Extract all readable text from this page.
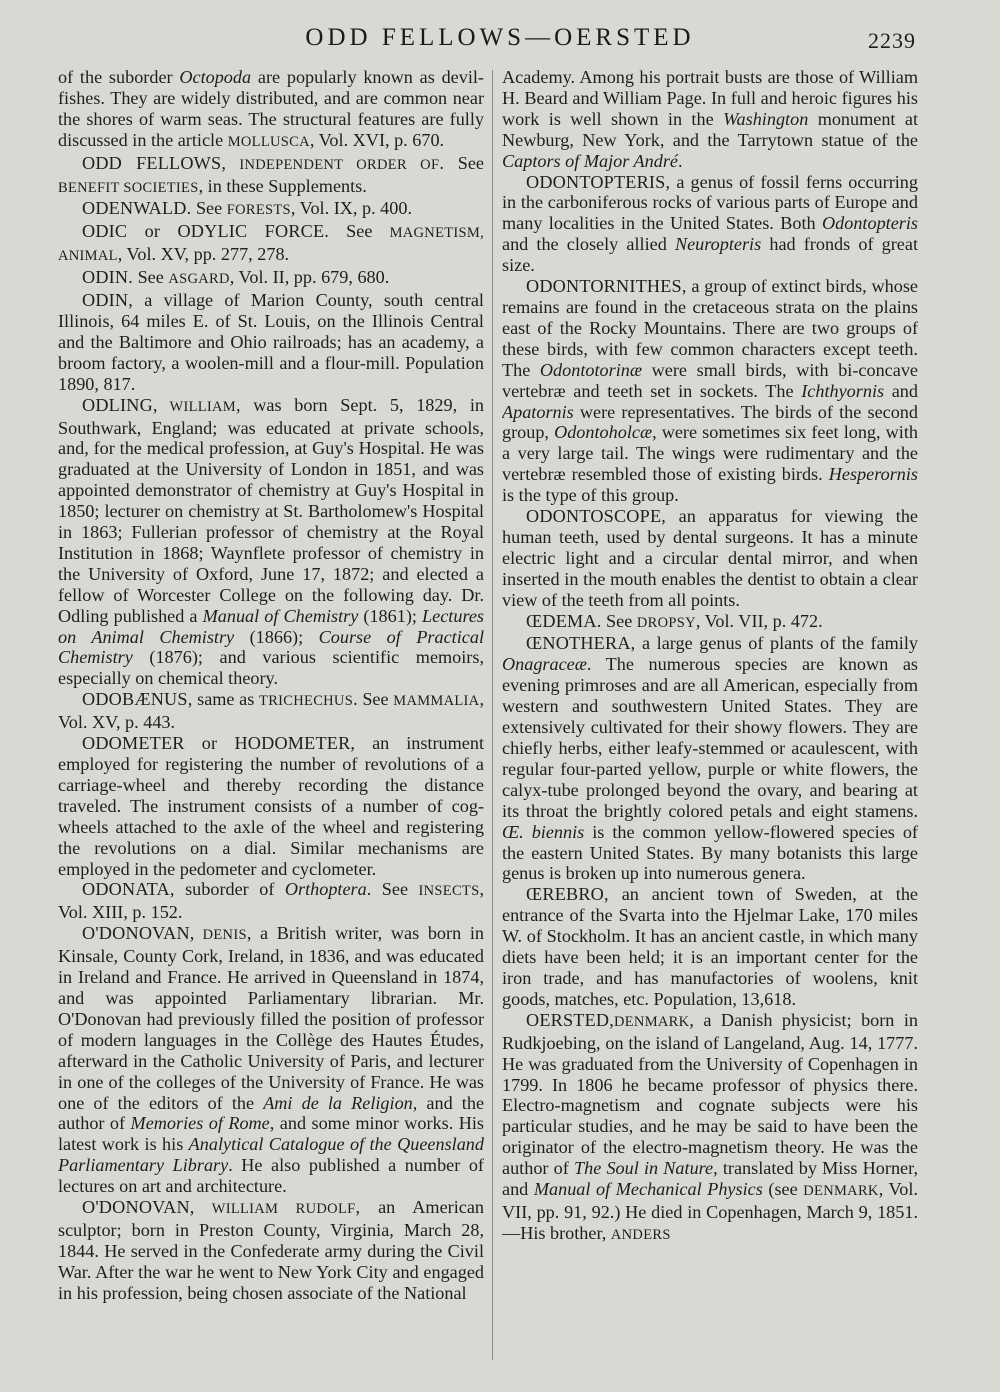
ODD FELLOWS—OERSTED	2239

of the suborder Octopoda are popularly known as devil-fishes. They are widely distributed, and are common near the shores of warm seas. The structural features are fully discussed in the article MOLLUSCA, Vol. XVI, p. 670.

ODD FELLOWS, INDEPENDENT ORDER OF. See BENEFIT SOCIETIES, in these Supplements.

ODENWALD. See FORESTS, Vol. IX, p. 400.

ODIC or ODYLIC FORCE. See MAGNETISM, ANIMAL, Vol. XV, pp. 277, 278.

ODIN. See ASGARD, Vol. II, pp. 679, 680.

ODIN, a village of Marion County, south central Illinois, 64 miles E. of St. Louis, on the Illinois Central and the Baltimore and Ohio railroads; has an academy, a broom factory, a woolen-mill and a flour-mill. Population 1890, 817.

ODLING, WILLIAM, was born Sept. 5, 1829, in Southwark, England; was educated at private schools, and, for the medical profession, at Guy's Hospital. He was graduated at the University of London in 1851, and was appointed demonstrator of chemistry at Guy's Hospital in 1850; lecturer on chemistry at St. Bartholomew's Hospital in 1863; Fullerian professor of chemistry at the Royal Institution in 1868; Waynflete professor of chemistry in the University of Oxford, June 17, 1872; and elected a fellow of Worcester College on the following day. Dr. Odling published a Manual of Chemistry (1861); Lectures on Animal Chemistry (1866); Course of Practical Chemistry (1876); and various scientific memoirs, especially on chemical theory.

ODOBÆNUS, same as TRICHECHUS. See MAMMALIA, Vol. XV, p. 443.

ODOMETER or HODOMETER, an instrument employed for registering the number of revolutions of a carriage-wheel and thereby recording the distance traveled. The instrument consists of a number of cog-wheels attached to the axle of the wheel and registering the revolutions on a dial. Similar mechanisms are employed in the pedometer and cyclometer.

ODONATA, suborder of Orthoptera. See INSECTS, Vol. XIII, p. 152.

O'DONOVAN, DENIS, a British writer, was born in Kinsale, County Cork, Ireland, in 1836, and was educated in Ireland and France. He arrived in Queensland in 1874, and was appointed Parliamentary librarian. Mr. O'Donovan had previously filled the position of professor of modern languages in the Collège des Hautes Études, afterward in the Catholic University of Paris, and lecturer in one of the colleges of the University of France. He was one of the editors of the Ami de la Religion, and the author of Memories of Rome, and some minor works. His latest work is his Analytical Catalogue of the Queensland Parliamentary Library. He also published a number of lectures on art and architecture.

O'DONOVAN, WILLIAM RUDOLF, an American sculptor; born in Preston County, Virginia, March 28, 1844. He served in the Confederate army during the Civil War. After the war he went to New York City and engaged in his profession, being chosen associate of the National

Academy. Among his portrait busts are those of William H. Beard and William Page. In full and heroic figures his work is well shown in the Washington monument at Newburg, New York, and the Tarrytown statue of the Captors of Major André.

ODONTOPTERIS, a genus of fossil ferns occurring in the carboniferous rocks of various parts of Europe and many localities in the United States. Both Odontopteris and the closely allied Neuropteris had fronds of great size.

ODONTORNITHES, a group of extinct birds, whose remains are found in the cretaceous strata on the plains east of the Rocky Mountains. There are two groups of these birds, with few common characters except teeth. The Odontotorinæ were small birds, with bi-concave vertebræ and teeth set in sockets. The Ichthyornis and Apatornis were representatives. The birds of the second group, Odontoholcæ, were sometimes six feet long, with a very large tail. The wings were rudimentary and the vertebræ resembled those of existing birds. Hesperornis is the type of this group.

ODONTOSCOPE, an apparatus for viewing the human teeth, used by dental surgeons. It has a minute electric light and a circular dental mirror, and when inserted in the mouth enables the dentist to obtain a clear view of the teeth from all points.

ŒDEMA. See DROPSY, Vol. VII, p. 472.

ŒNOTHERA, a large genus of plants of the family Onagraceæ. The numerous species are known as evening primroses and are all American, especially from western and southwestern United States. They are extensively cultivated for their showy flowers. They are chiefly herbs, either leafy-stemmed or acaulescent, with regular four-parted yellow, purple or white flowers, the calyx-tube prolonged beyond the ovary, and bearing at its throat the brightly colored petals and eight stamens. Œ. biennis is the common yellow-flowered species of the eastern United States. By many botanists this large genus is broken up into numerous genera.

ŒREBRO, an ancient town of Sweden, at the entrance of the Svarta into the Hjelmar Lake, 170 miles W. of Stockholm. It has an ancient castle, in which many diets have been held; it is an important center for the iron trade, and has manufactories of woolens, knit goods, matches, etc. Population, 13,618.

OERSTED,DENMARK, a Danish physicist; born in Rudkjoebing, on the island of Langeland, Aug. 14, 1777. He was graduated from the University of Copenhagen in 1799. In 1806 he became professor of physics there. Electro-magnetism and cognate subjects were his particular studies, and he may be said to have been the originator of the electro-magnetism theory. He was the author of The Soul in Nature, translated by Miss Horner, and Manual of Mechanical Physics (see DENMARK, Vol. VII, pp. 91, 92.) He died in Copenhagen, March 9, 1851.—His brother, ANDERS
